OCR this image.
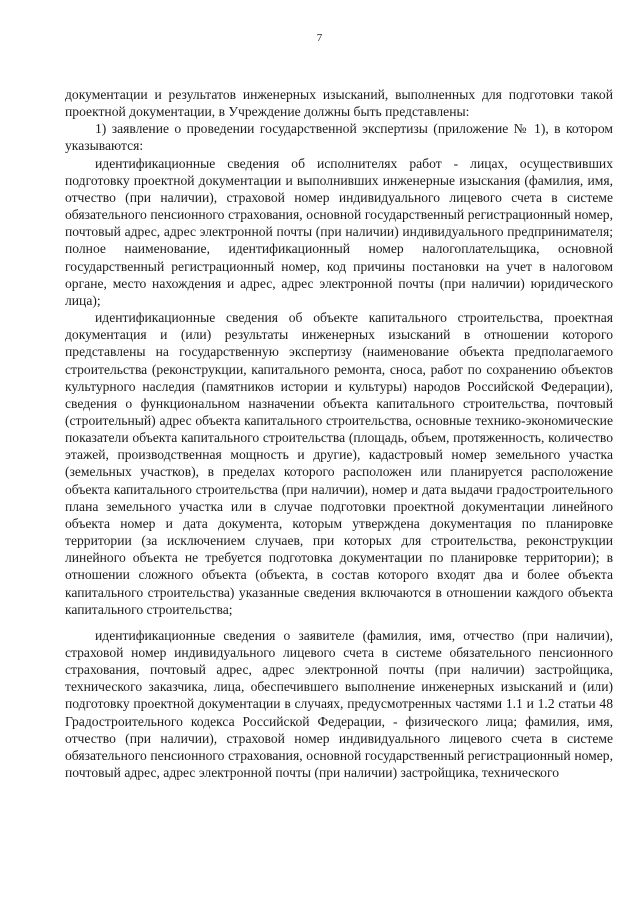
7

документации и результатов инженерных изысканий, выполненных для подготовки такой проектной документации, в Учреждение должны быть представлены:

1) заявление о проведении государственной экспертизы (приложение № 1), в котором указываются:

идентификационные сведения об исполнителях работ - лицах, осуществивших подготовку проектной документации и выполнивших инженерные изыскания (фамилия, имя, отчество (при наличии), страховой номер индивидуального лицевого счета в системе обязательного пенсионного страхования, основной государственный регистрационный номер, почтовый адрес, адрес электронной почты (при наличии) индивидуального предпринимателя; полное наименование, идентификационный номер налогоплательщика, основной государственный регистрационный номер, код причины постановки на учет в налоговом органе, место нахождения и адрес, адрес электронной почты (при наличии) юридического лица);

идентификационные сведения об объекте капитального строительства, проектная документация и (или) результаты инженерных изысканий в отношении которого представлены на государственную экспертизу (наименование объекта предполагаемого строительства (реконструкции, капитального ремонта, сноса, работ по сохранению объектов культурного наследия (памятников истории и культуры) народов Российской Федерации), сведения о функциональном назначении объекта капитального строительства, почтовый (строительный) адрес объекта капитального строительства, основные технико-экономические показатели объекта капитального строительства (площадь, объем, протяженность, количество этажей, производственная мощность и другие), кадастровый номер земельного участка (земельных участков), в пределах которого расположен или планируется расположение объекта капитального строительства (при наличии), номер и дата выдачи градостроительного плана земельного участка или в случае подготовки проектной документации линейного объекта номер и дата документа, которым утверждена документация по планировке территории (за исключением случаев, при которых для строительства, реконструкции линейного объекта не требуется подготовка документации по планировке территории); в отношении сложного объекта (объекта, в состав которого входят два и более объекта капитального строительства) указанные сведения включаются в отношении каждого объекта капитального строительства;

идентификационные сведения о заявителе (фамилия, имя, отчество (при наличии), страховой номер индивидуального лицевого счета в системе обязательного пенсионного страхования, почтовый адрес, адрес электронной почты (при наличии) застройщика, технического заказчика, лица, обеспечившего выполнение инженерных изысканий и (или) подготовку проектной документации в случаях, предусмотренных частями 1.1 и 1.2 статьи 48 Градостроительного кодекса Российской Федерации, - физического лица; фамилия, имя, отчество (при наличии), страховой номер индивидуального лицевого счета в системе обязательного пенсионного страхования, основной государственный регистрационный номер, почтовый адрес, адрес электронной почты (при наличии) застройщика, технического
